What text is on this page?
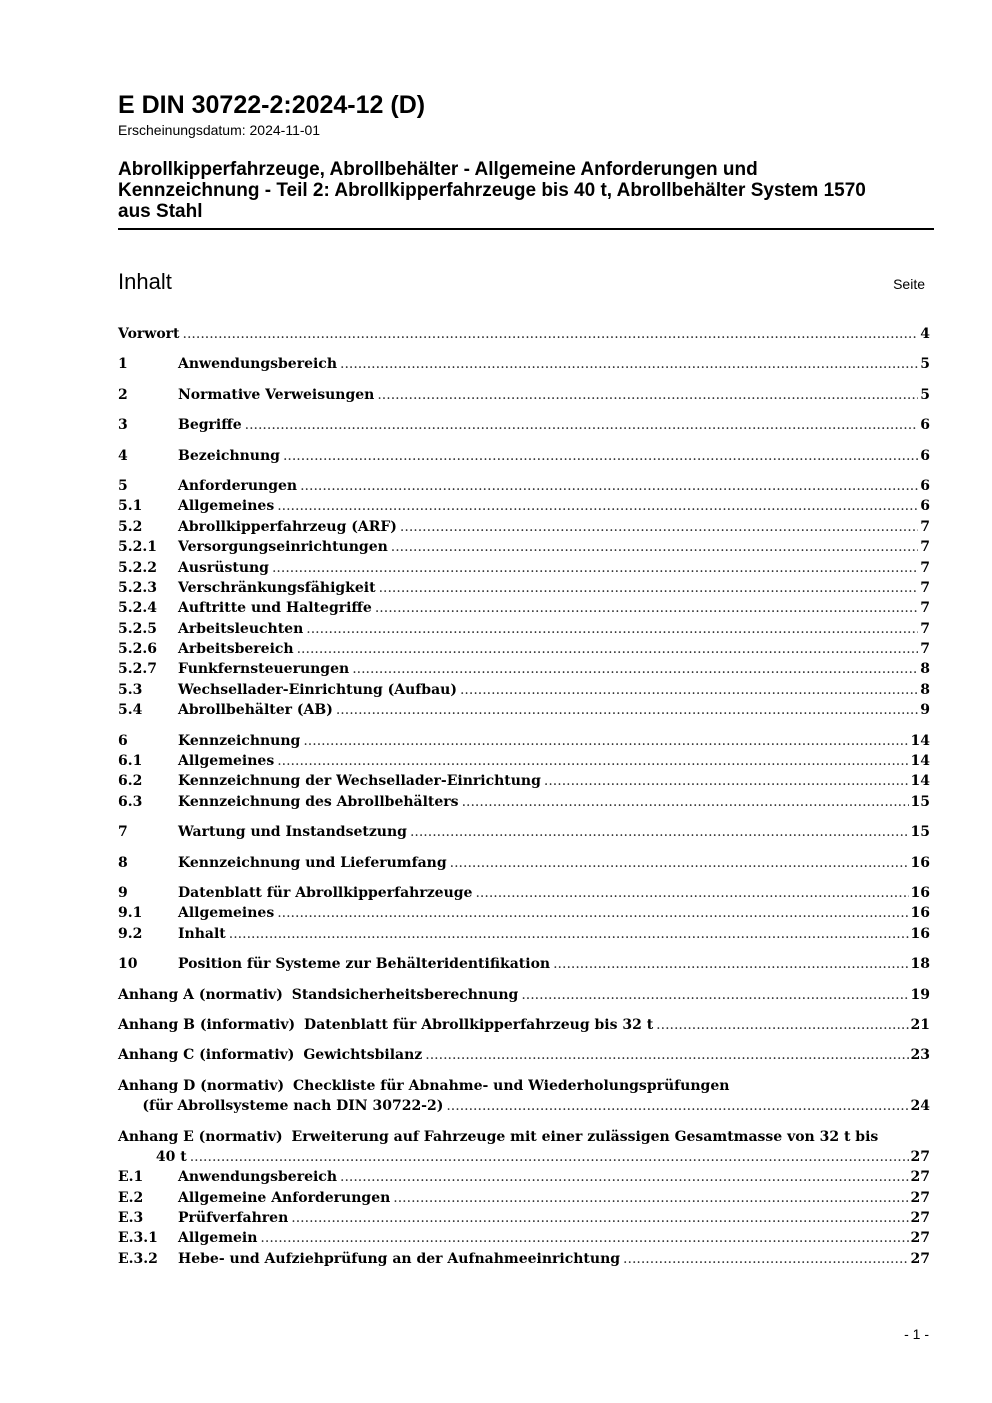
E DIN 30722-2:2024-12 (D)
Erscheinungsdatum: 2024-11-01
Abrollkipperfahrzeuge, Abrollbehälter - Allgemeine Anforderungen und
Kennzeichnung - Teil 2: Abrollkipperfahrzeuge bis 40 t, Abrollbehälter System 1570
aus Stahl
Inhalt	Seite
Vorwort .....	4
1	Anwendungsbereich .....	5
2	Normative Verweisungen .....	5
3	Begriffe .....	6
4	Bezeichnung .....	6
5	Anforderungen .....	6
5.1	Allgemeines .....	6
5.2	Abrollkipperfahrzeug (ARF) .....	7
5.2.1	Versorgungseinrichtungen .....	7
5.2.2	Ausrüstung .....	7
5.2.3	Verschränkungsfähigkeit .....	7
5.2.4	Auftritte und Haltegriffe .....	7
5.2.5	Arbeitsleuchten .....	7
5.2.6	Arbeitsbereich .....	7
5.2.7	Funkfernsteuerungen .....	8
5.3	Wechsellader-Einrichtung (Aufbau) .....	8
5.4	Abrollbehälter (AB) .....	9
6	Kennzeichnung .....	14
6.1	Allgemeines .....	14
6.2	Kennzeichnung der Wechsellader-Einrichtung .....	14
6.3	Kennzeichnung des Abrollbehälters .....	15
7	Wartung und Instandsetzung .....	15
8	Kennzeichnung und Lieferumfang .....	16
9	Datenblatt für Abrollkipperfahrzeuge .....	16
9.1	Allgemeines .....	16
9.2	Inhalt .....	16
10	Position für Systeme zur Behälteridentifikation .....	18
Anhang A (normativ)
Standsicherheitsberechnung .....	19
Anhang B (informativ)
Datenblatt für Abrollkipperfahrzeug bis 32 t .....	21
Anhang C (informativ)
Gewichtsbilanz .....	23
Anhang D (normativ)
Checkliste für Abnahme- und Wiederholungsprüfungen
(für Abrollsysteme nach DIN 30722-2) .....	24
Anhang E (normativ)
Erweiterung auf Fahrzeuge mit einer zulässigen Gesamtmasse von 32 t bis
40 t .....	27
E.1	Anwendungsbereich .....	27
E.2	Allgemeine Anforderungen .....	27
E.3	Prüfverfahren .....	27
E.3.1	Allgemein .....	27
E.3.2	Hebe- und Aufziehprüfung an der Aufnahmeeinrichtung .....	27
- 1 -
